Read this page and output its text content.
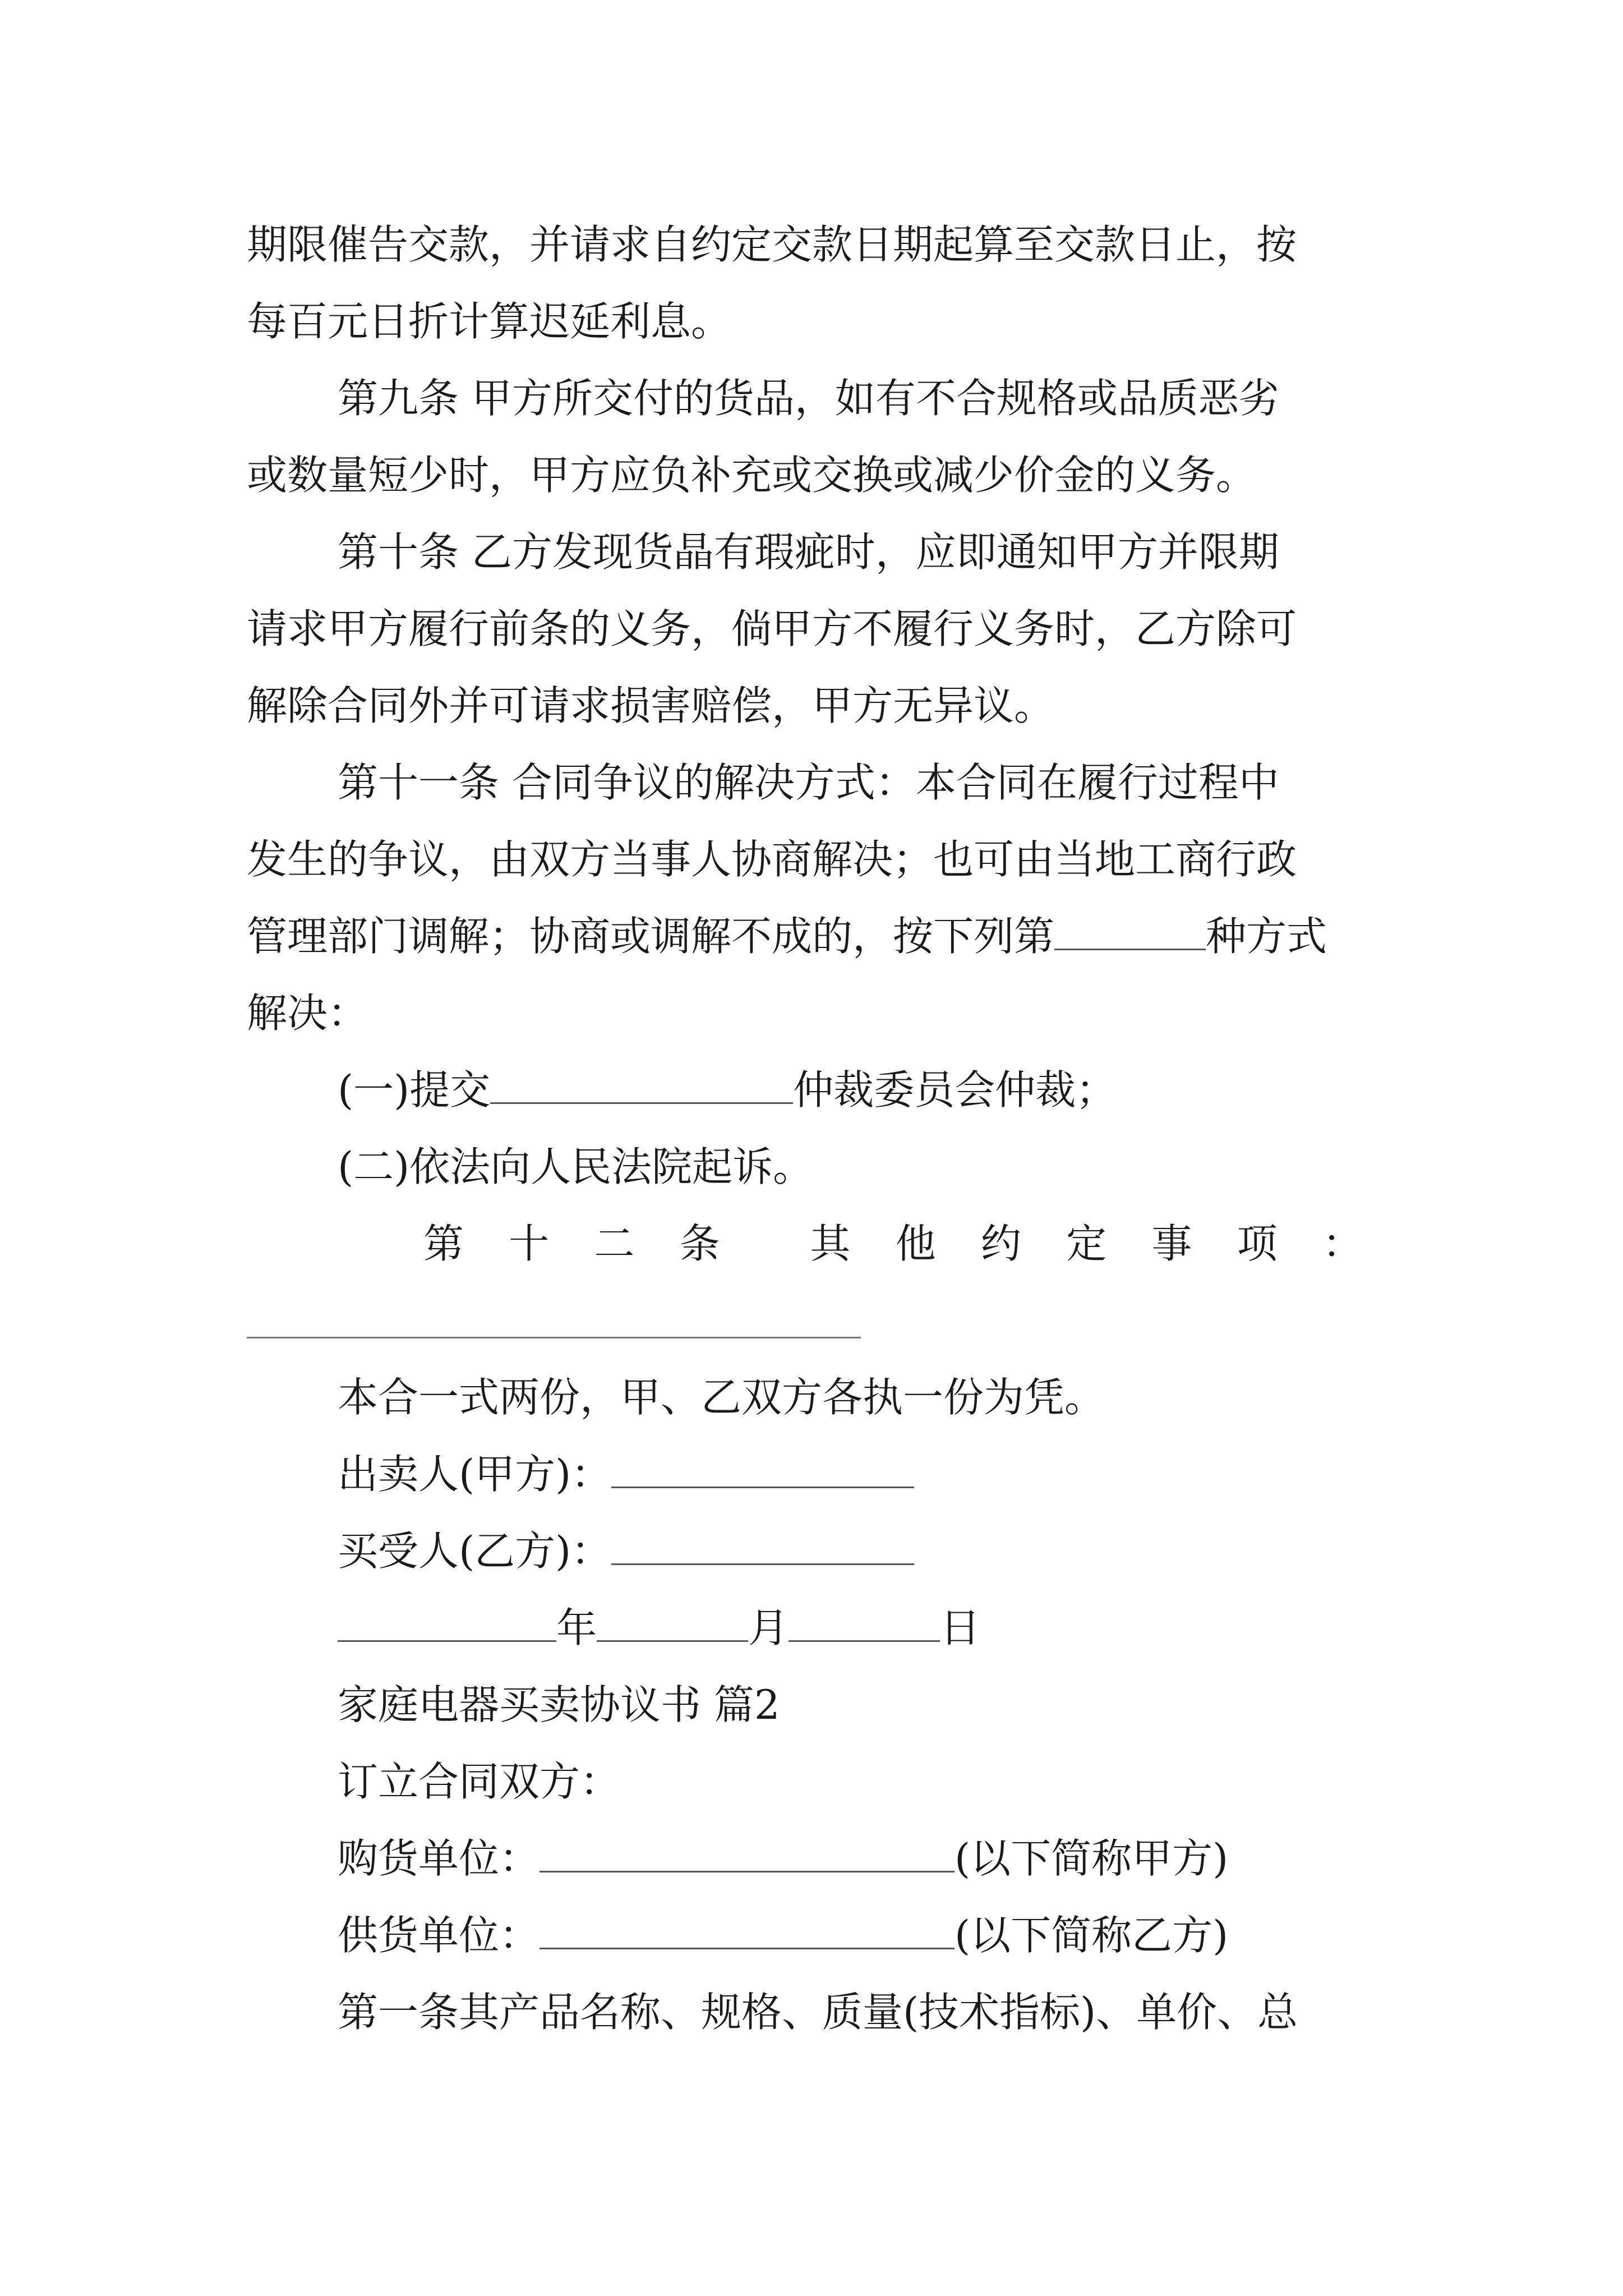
期限催告交款，并请求自约定交款日期起算至交款日止，按
每百元日折计算迟延利息。
第九条 甲方所交付的货品，如有不合规格或品质恶劣
或数量短少时，甲方应负补充或交换或减少价金的义务。
第十条 乙方发现货晶有瑕疵时，应即通知甲方并限期
请求甲方履行前条的义务，倘甲方不履行义务时，乙方除可
解除合同外并可请求损害赔偿，甲方无异议。
第十一条 合同争议的解决方式：本合同在履行过程中
发生的争议，由双方当事人协商解决；也可由当地工商行政
管理部门调解；协商或调解不成的，按下列第	种方式
解决：
(一)提交	仲裁委员会仲裁；
(二)依法向人民法院起诉。
第 十 二 条 其 他 约 定 事 项 ：
本合一式两份，甲、乙双方各执一份为凭。
出卖人(甲方)：
买受人(乙方)：
年	月	日
家庭电器买卖协议书 篇2
订立合同双方：
购货单位：	(以下简称甲方)
供货单位：	(以下简称乙方)
第一条其产品名称、规格、质量(技术指标)、单价、总
